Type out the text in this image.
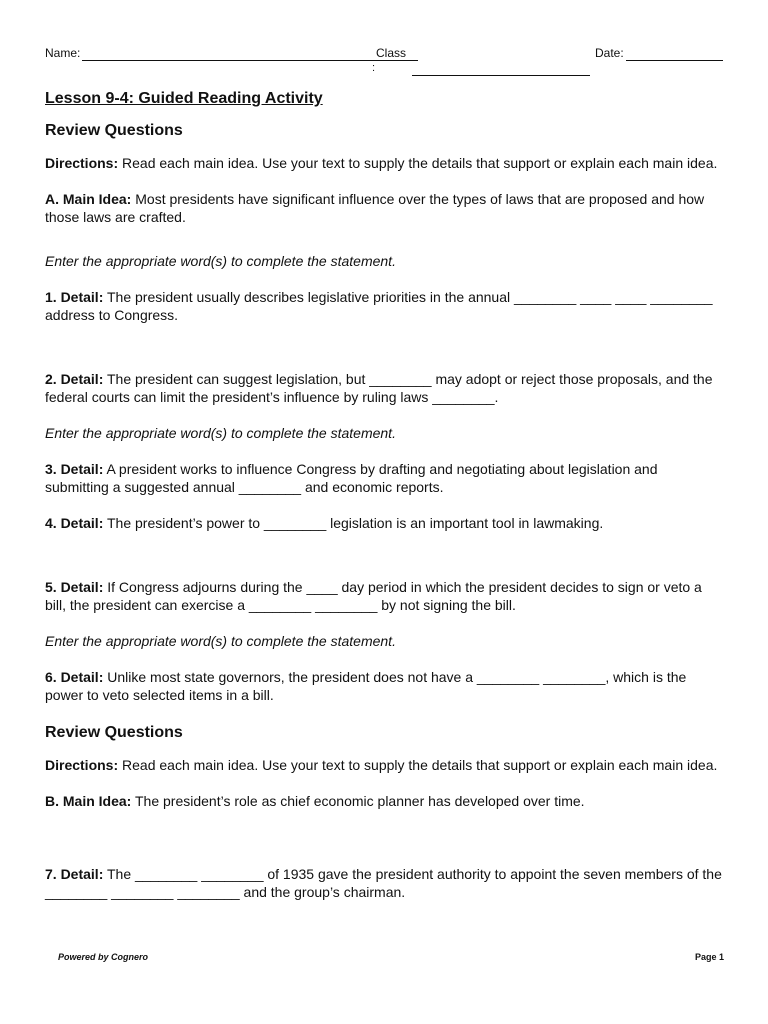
Name:	Class
:
Date:
Lesson 9-4: Guided Reading Activity
Review Questions

Directions: Read each main idea. Use your text to supply the details that support or explain each main idea.

A. Main Idea: Most presidents have significant influence over the types of laws that are proposed and how those laws are crafted.

Enter the appropriate word(s) to complete the statement.

1. Detail: The president usually describes legislative priorities in the annual ________ ____ ____ ________ address to Congress.

2. Detail: The president can suggest legislation, but ________ may adopt or reject those proposals, and the federal courts can limit the president’s influence by ruling laws ________.

Enter the appropriate word(s) to complete the statement.

3. Detail: A president works to influence Congress by drafting and negotiating about legislation and submitting a suggested annual ________ and economic reports.

4. Detail: The president’s power to ________ legislation is an important tool in lawmaking.

5. Detail: If Congress adjourns during the ____ day period in which the president decides to sign or veto a bill, the president can exercise a ________ ________ by not signing the bill.

Enter the appropriate word(s) to complete the statement.

6. Detail: Unlike most state governors, the president does not have a ________ ________, which is the power to veto selected items in a bill.

Review Questions

Directions: Read each main idea. Use your text to supply the details that support or explain each main idea.

B. Main Idea: The president’s role as chief economic planner has developed over time.

7. Detail: The ________ ________ of 1935 gave the president authority to appoint the seven members of the ________ ________ ________ and the group’s chairman.

Powered by Cognero	Page 1
